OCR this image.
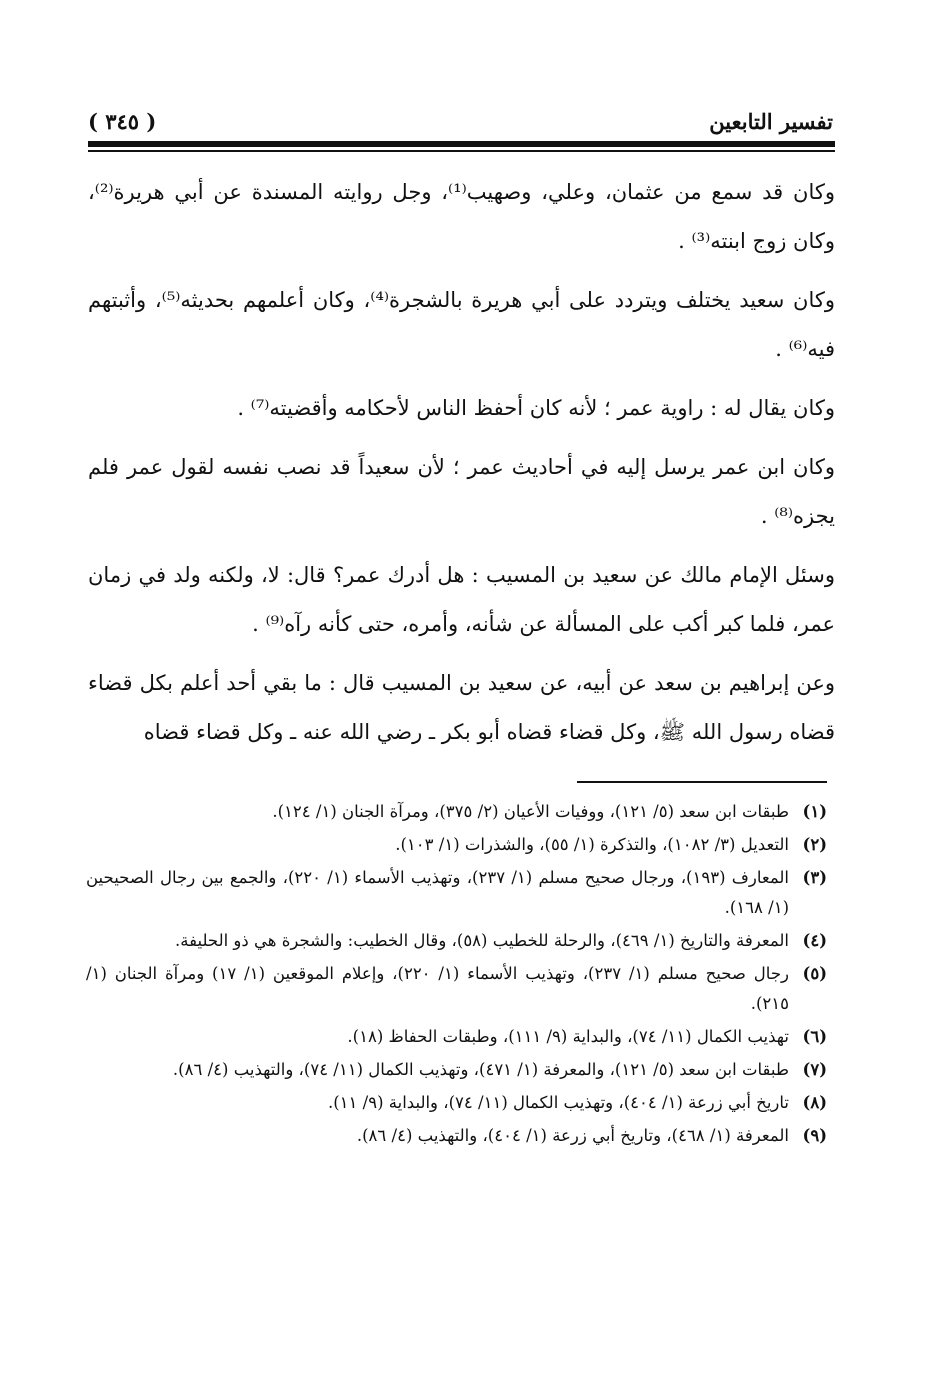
تفسير التابعين
( ٣٤٥ )

وكان قد سمع من عثمان، وعلي، وصهيب⁽¹⁾، وجل روايته المسندة عن أبي هريرة⁽²⁾، وكان زوج ابنته⁽³⁾ .

وكان سعيد يختلف ويتردد على أبي هريرة بالشجرة⁽⁴⁾، وكان أعلمهم بحديثه⁽⁵⁾، وأثبتهم فيه⁽⁶⁾ .

وكان يقال له : راوية عمر ؛ لأنه كان أحفظ الناس لأحكامه وأقضيته⁽⁷⁾ .

وكان ابن عمر يرسل إليه في أحاديث عمر ؛ لأن سعيداً قد نصب نفسه لقول عمر فلم يجزه⁽⁸⁾ .

وسئل الإمام مالك عن سعيد بن المسيب : هل أدرك عمر؟ قال: لا، ولكنه ولد في زمان عمر، فلما كبر أكب على المسألة عن شأنه، وأمره، حتى كأنه رآه⁽⁹⁾ .

وعن إبراهيم بن سعد عن أبيه، عن سعيد بن المسيب قال : ما بقي أحد أعلم بكل قضاء قضاه رسول الله ﷺ، وكل قضاء قضاه أبو بكر ـ رضي الله عنه ـ وكل قضاء قضاه

(١)
طبقات ابن سعد (٥/ ١٢١)، ووفيات الأعيان (٢/ ٣٧٥)، ومرآة الجنان (١/ ١٢٤).
(٢)
التعديل (٣/ ١٠٨٢)، والتذكرة (١/ ٥٥)، والشذرات (١/ ١٠٣).
(٣)
المعارف (١٩٣)، ورجال صحيح مسلم (١/ ٢٣٧)، وتهذيب الأسماء (١/ ٢٢٠)، والجمع بين رجال الصحيحين (١/ ١٦٨).
(٤)
المعرفة والتاريخ (١/ ٤٦٩)، والرحلة للخطيب (٥٨)، وقال الخطيب: والشجرة هي ذو الحليفة.
(٥)
رجال صحيح مسلم (١/ ٢٣٧)، وتهذيب الأسماء (١/ ٢٢٠)، وإعلام الموقعين (١/ ١٧) ومرآة الجنان (١/ ٢١٥).
(٦)
تهذيب الكمال (١١/ ٧٤)، والبداية (٩/ ١١١)، وطبقات الحفاظ (١٨).
(٧)
طبقات ابن سعد (٥/ ١٢١)، والمعرفة (١/ ٤٧١)، وتهذيب الكمال (١١/ ٧٤)، والتهذيب (٤/ ٨٦).
(٨)
تاريخ أبي زرعة (١/ ٤٠٤)، وتهذيب الكمال (١١/ ٧٤)، والبداية (٩/ ١١).
(٩)
المعرفة (١/ ٤٦٨)، وتاريخ أبي زرعة (١/ ٤٠٤)، والتهذيب (٤/ ٨٦).
